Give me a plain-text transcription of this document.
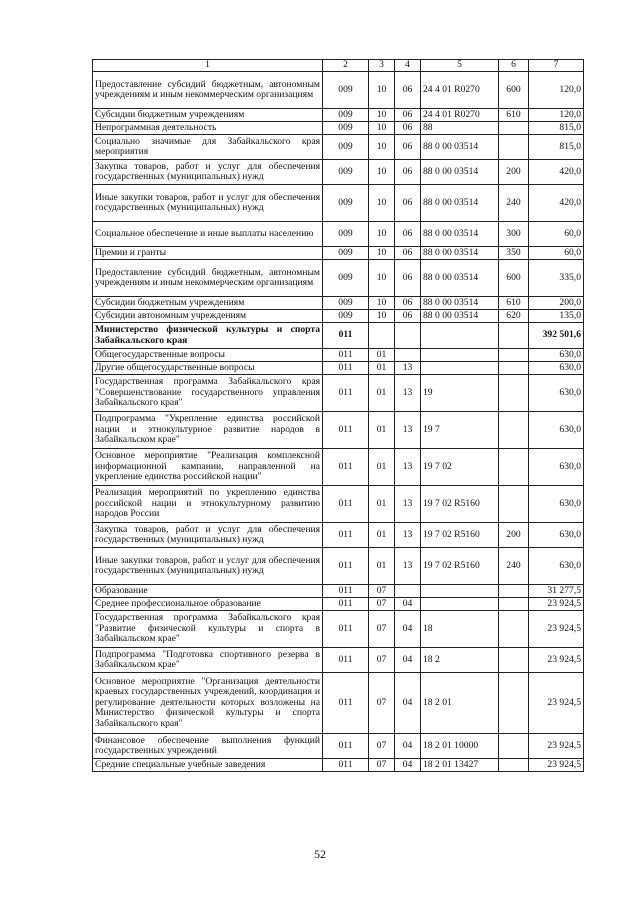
1	2	3	4	5	6	7
Предоставление субсидий бюджетным, автономным учреждениям и иным некоммерческим организациям	009	10	06	24 4 01 R0270	600	120,0
Субсидии бюджетным учреждениям	009	10	06	24 4 01 R0270	610	120,0
Непрограммная деятельность	009	10	06	88		815,0
Социально значимые для Забайкальского края мероприятия	009	10	06	88 0 00 03514		815,0
Закупка товаров, работ и услуг для обеспечения государственных (муниципальных) нужд	009	10	06	88 0 00 03514	200	420,0
Иные закупки товаров, работ и услуг для обеспечения государственных (муниципальных) нужд	009	10	06	88 0 00 03514	240	420,0
Социальное обеспечение и иные выплаты населению	009	10	06	88 0 00 03514	300	60,0
Премии и гранты	009	10	06	88 0 00 03514	350	60,0
Предоставление субсидий бюджетным, автономным учреждениям и иным некоммерческим организациям	009	10	06	88 0 00 03514	600	335,0
Субсидии бюджетным учреждениям	009	10	06	88 0 00 03514	610	200,0
Субсидии автономным учреждениям	009	10	06	88 0 00 03514	620	135,0
Министерство физической культуры и спорта Забайкальского края	011					392 501,6
Общегосударственные вопросы	011	01				630,0
Другие общегосударственные вопросы	011	01	13			630,0
Государственная программа Забайкальского края "Совершенствование государственного управления Забайкальского края"	011	01	13	19		630,0
Подпрограмма "Укрепление единства российской нации и этнокультурное развитие народов в Забайкальском крае"	011	01	13	19 7		630,0
Основное мероприятие "Реализация комплексной информационной кампании, направленной на укрепление единства российской нации"	011	01	13	19 7 02		630,0
Реализация мероприятий по укреплению единства российской нации и этнокультурному развитию народов России	011	01	13	19 7 02 R5160		630,0
Закупка товаров, работ и услуг для обеспечения государственных (муниципальных) нужд	011	01	13	19 7 02 R5160	200	630,0
Иные закупки товаров, работ и услуг для обеспечения государственных (муниципальных) нужд	011	01	13	19 7 02 R5160	240	630,0
Образование	011	07				31 277,5
Среднее профессиональное образование	011	07	04			23 924,5
Государственная программа Забайкальского края "Развитие физической культуры и спорта в Забайкальском крае"	011	07	04	18		23 924,5
Подпрограмма "Подготовка спортивного резерва в Забайкальском крае"	011	07	04	18 2		23 924,5
Основное мероприятие "Организация деятельности краевых государственных учреждений, координация и регулирование деятельности которых возложены на Министерство физической культуры и спорта Забайкальского края"	011	07	04	18 2 01		23 924,5
Финансовое обеспечение выполнения функций государственных учреждений	011	07	04	18 2 01 10000		23 924,5
Средние специальные учебные заведения	011	07	04	18 2 01 13427		23 924,5
52
